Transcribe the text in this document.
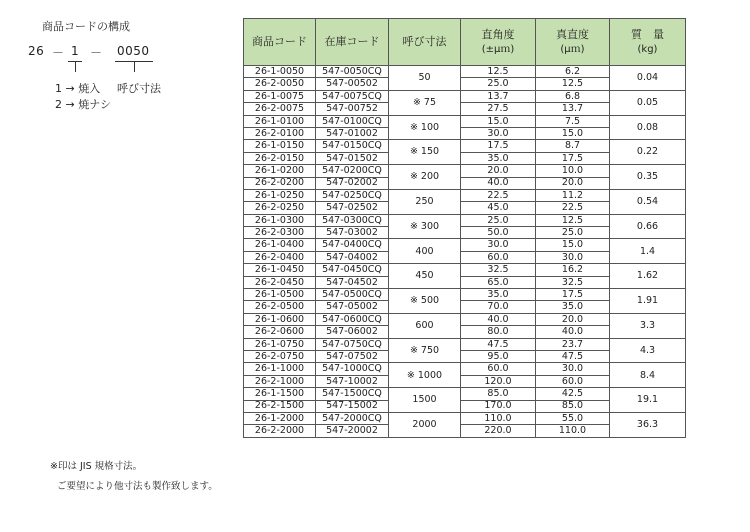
商品コードの構成
26 － 1 － 0050
1 → 焼入
2 → 焼ナシ
呼び寸法
※印は JIS 規格寸法。
ご要望により他寸法も製作致します。
商品コード	在庫コード	呼び寸法	直角度
(±μｍ)	真直度
(μｍ)	質　量
(kg)

26-1-0050	547-0050CQ	50	12.5	6.2	0.04
26-2-0050	547-00502		25.0	12.5	
26-1-0075	547-0075CQ	※ 75	13.7	6.8	0.05
26-2-0075	547-00752		27.5	13.7	
26-1-0100	547-0100CQ	※ 100	15.0	7.5	0.08
26-2-0100	547-01002		30.0	15.0	
26-1-0150	547-0150CQ	※ 150	17.5	8.7	0.22
26-2-0150	547-01502		35.0	17.5	
26-1-0200	547-0200CQ	※ 200	20.0	10.0	0.35
26-2-0200	547-02002		40.0	20.0	
26-1-0250	547-0250CQ	250	22.5	11.2	0.54
26-2-0250	547-02502		45.0	22.5	
26-1-0300	547-0300CQ	※ 300	25.0	12.5	0.66
26-2-0300	547-03002		50.0	25.0	
26-1-0400	547-0400CQ	400	30.0	15.0	1.4
26-2-0400	547-04002		60.0	30.0	
26-1-0450	547-0450CQ	450	32.5	16.2	1.62
26-2-0450	547-04502		65.0	32.5	
26-1-0500	547-0500CQ	※ 500	35.0	17.5	1.91
26-2-0500	547-05002		70.0	35.0	
26-1-0600	547-0600CQ	600	40.0	20.0	3.3
26-2-0600	547-06002		80.0	40.0	
26-1-0750	547-0750CQ	※ 750	47.5	23.7	4.3
26-2-0750	547-07502		95.0	47.5	
26-1-1000	547-1000CQ	※ 1000	60.0	30.0	8.4
26-2-1000	547-10002		120.0	60.0	
26-1-1500	547-1500CQ	1500	85.0	42.5	19.1
26-2-1500	547-15002		170.0	85.0	
26-1-2000	547-2000CQ	2000	110.0	55.0	36.3
26-2-2000	547-20002		220.0	110.0	
